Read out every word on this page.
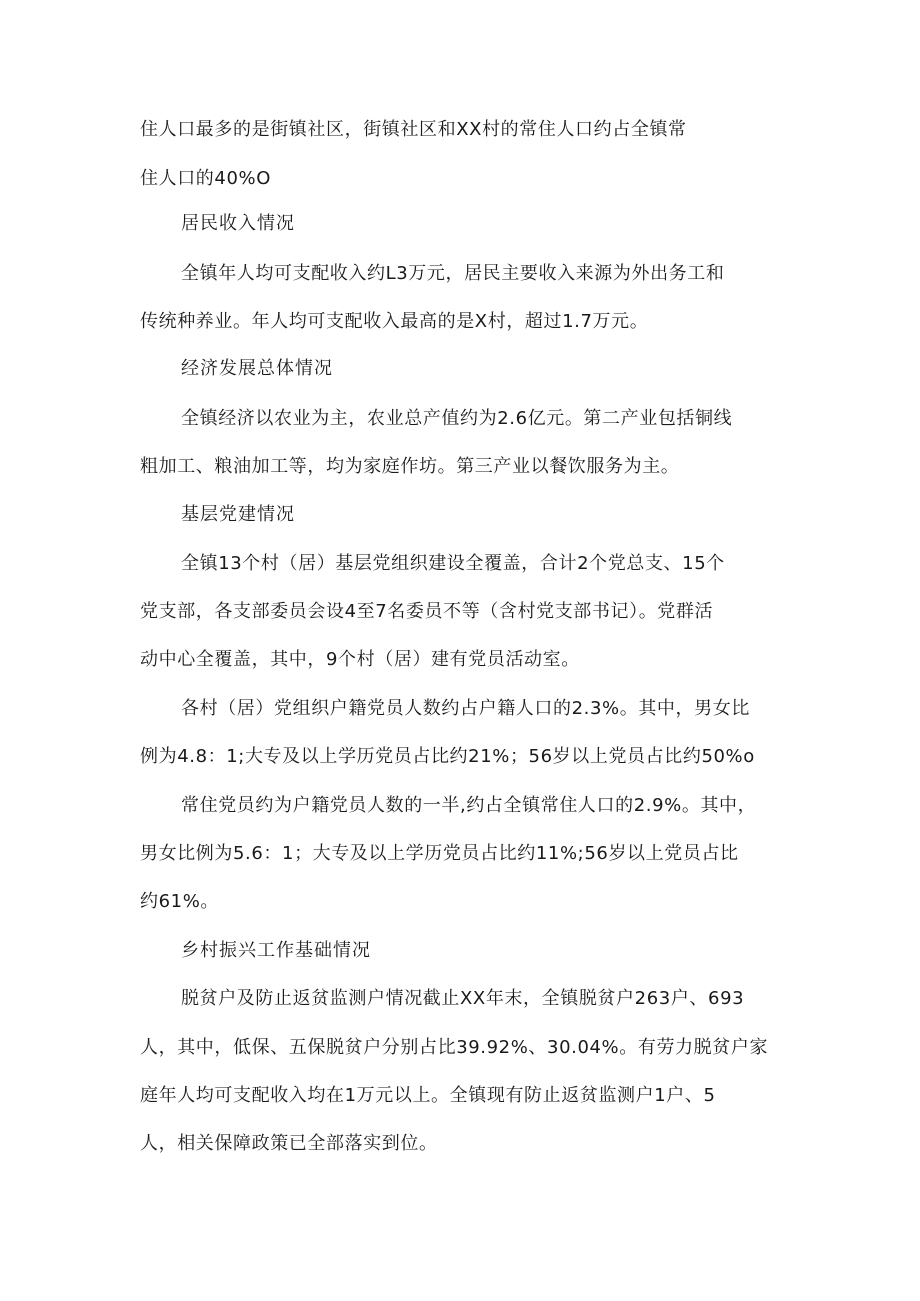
住人口最多的是街镇社区，街镇社区和XX村的常住人口约占全镇常
住人口的40%O
居民收入情况
全镇年人均可支配收入约L3万元，居民主要收入来源为外出务工和
传统种养业。年人均可支配收入最高的是X村，超过1.7万元。
经济发展总体情况
全镇经济以农业为主，农业总产值约为2.6亿元。第二产业包括铜线
粗加工、粮油加工等，均为家庭作坊。第三产业以餐饮服务为主。
基层党建情况
全镇13个村（居）基层党组织建设全覆盖，合计2个党总支、15个
党支部，各支部委员会设4至7名委员不等（含村党支部书记）。党群活
动中心全覆盖，其中，9个村（居）建有党员活动室。
各村（居）党组织户籍党员人数约占户籍人口的2.3%。其中，男女比
例为4.8：1;大专及以上学历党员占比约21%；56岁以上党员占比约50%o
常住党员约为户籍党员人数的一半,约占全镇常住人口的2.9%。其中，
男女比例为5.6：1；大专及以上学历党员占比约11%;56岁以上党员占比
约61%。
乡村振兴工作基础情况
脱贫户及防止返贫监测户情况截止XX年末，全镇脱贫户263户、693
人，其中，低保、五保脱贫户分别占比39.92%、30.04%。有劳力脱贫户家
庭年人均可支配收入均在1万元以上。全镇现有防止返贫监测户1户、5
人，相关保障政策已全部落实到位。
